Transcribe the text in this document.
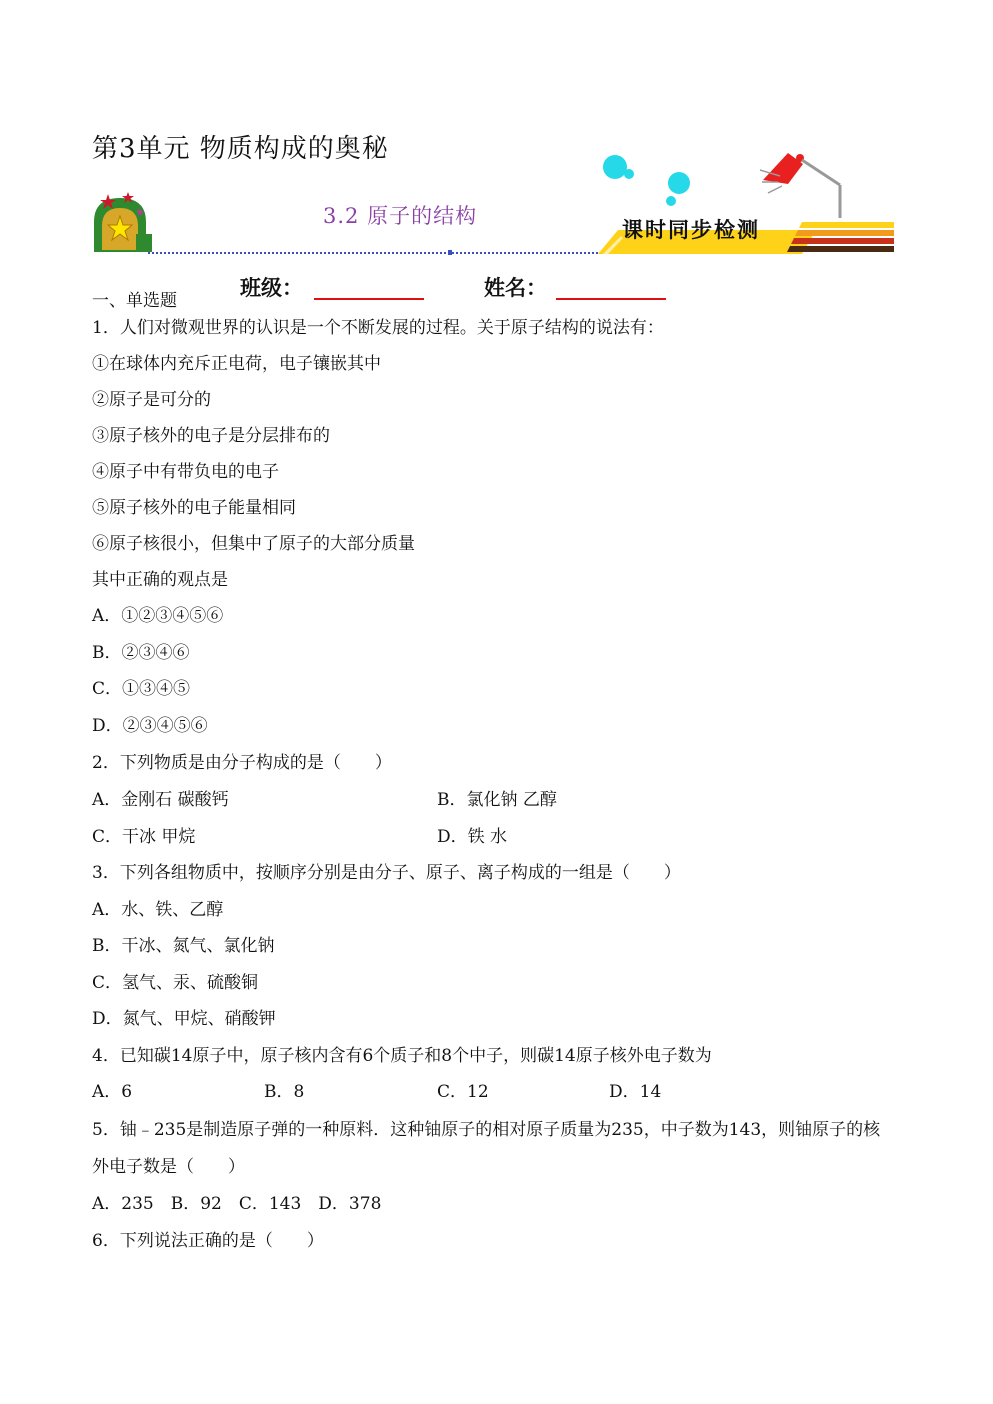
第3单元 物质构成的奥秘
3.2 原子的结构
课时同步检测
班级：	姓名：
一、单选题
1．人们对微观世界的认识是一个不断发展的过程。关于原子结构的说法有：
①在球体内充斥正电荷，电子镶嵌其中
②原子是可分的
③原子核外的电子是分层排布的
④原子中有带负电的电子
⑤原子核外的电子能量相同
⑥原子核很小，但集中了原子的大部分质量
其中正确的观点是
A．①②③④⑤⑥
B．②③④⑥
C．①③④⑤
D．②③④⑤⑥
2．下列物质是由分子构成的是（　　）
A．金刚石 碳酸钙	B．氯化钠 乙醇
C．干冰 甲烷	D．铁 水
3．下列各组物质中，按顺序分别是由分子、原子、离子构成的一组是（　　）
A．水、铁、乙醇
B．干冰、氮气、氯化钠
C．氢气、汞、硫酸铜
D．氮气、甲烷、硝酸钾
4．已知碳14原子中，原子核内含有6个质子和8个中子，则碳14原子核外电子数为
A．6	B．8	C．12	D．14
5．铀﹣235是制造原子弹的一种原料．这种铀原子的相对原子质量为235，中子数为143，则铀原子的核
外电子数是（　　）
A．235　B．92　C．143　D．378
6．下列说法正确的是（　　）
